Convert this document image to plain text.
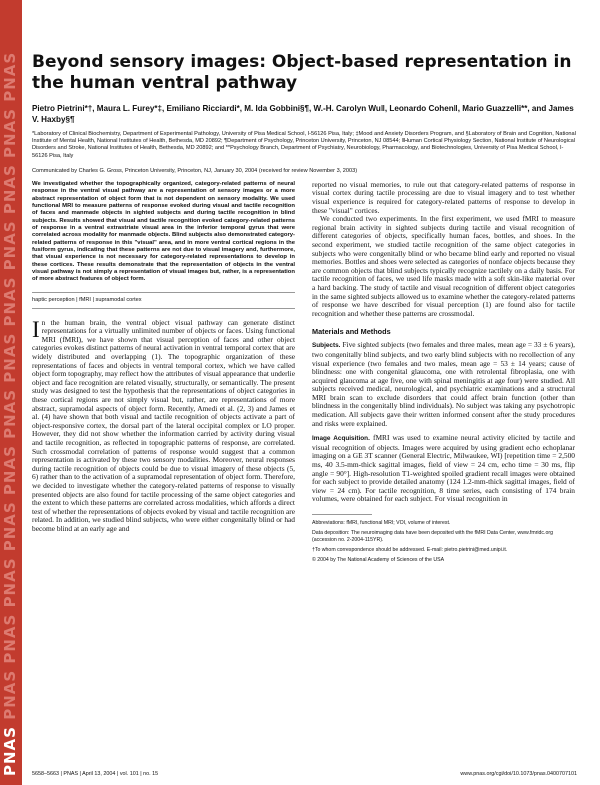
PNAS PNAS PNAS PNAS PNAS PNAS PNAS PNAS PNAS PNAS PNAS PNAS PNAS Beyond sensory images: Object-based representation in the human ventral pathway

Pietro Pietrini*†, Maura L. Furey*‡, Emiliano Ricciardi*, M. Ida Gobbini§¶, W.-H. Carolyn Wu‖, Leonardo Cohen‖, Mario Guazzelli**, and James V. Haxby§¶

*Laboratory of Clinical Biochemistry, Department of Experimental Pathology, University of Pisa Medical School, I-56126 Pisa, Italy; ‡Mood and Anxiety Disorders Program, and §Laboratory of Brain and Cognition, National Institute of Mental Health, National Institutes of Health, Bethesda, MD 20892; ¶Department of Psychology, Princeton University, Princeton, NJ 08544; ‖Human Cortical Physiology Section, National Institute of Neurological Disorders and Stroke, National Institutes of Health, Bethesda, MD 20892; and **Psychology Branch, Department of Psychiatry, Neurobiology, Pharmacology, and Biotechnologies, University of Pisa Medical School, I-56126 Pisa, Italy

Communicated by Charles G. Gross, Princeton University, Princeton, NJ, January 30, 2004 (received for review November 3, 2003)

We investigated whether the topographically organized, category-related patterns of neural response in the ventral visual pathway are a representation of sensory images or a more abstract representation of object form that is not dependent on sensory modality. We used functional MRI to measure patterns of response evoked during visual and tactile recognition of faces and manmade objects in sighted subjects and during tactile recognition in blind subjects. Results showed that visual and tactile recognition evoked category-related patterns of response in a ventral extrastriate visual area in the inferior temporal gyrus that were correlated across modality for manmade objects. Blind subjects also demonstrated category-related patterns of response in this "visual" area, and in more ventral cortical regions in the fusiform gyrus, indicating that these patterns are not due to visual imagery and, furthermore, that visual experience is not necessary for category-related representations to develop in these cortices. These results demonstrate that the representation of objects in the ventral visual pathway is not simply a representation of visual images but, rather, is a representation of more abstract features of object form.

haptic perception | fMRI | supramodal cortex

In the human brain, the ventral object visual pathway can generate distinct representations for a virtually unlimited number of objects or faces. Using functional MRI (fMRI), we have shown that visual perception of faces and other object categories evokes distinct patterns of neural activation in ventral temporal cortex that are widely distributed and overlapping (1). The topographic organization of these representations of faces and objects in ventral temporal cortex, which we have called object form topography, may reflect how the attributes of visual appearance that underlie object and face recognition are related visually, structurally, or semantically. The present study was designed to test the hypothesis that the representations of object categories in these cortical regions are not simply visual but, rather, are representations of more abstract, supramodal aspects of object form. Recently, Amedi et al. (2, 3) and James et al. (4) have shown that both visual and tactile recognition of objects activate a part of object-responsive cortex, the dorsal part of the lateral occipital complex or LO proper. However, they did not show whether the information carried by activity during visual and tactile recognition, as reflected in topographic patterns of response, are correlated. Such crossmodal correlation of patterns of response would suggest that a common representation is activated by these two sensory modalities. Moreover, neural responses during tactile recognition of objects could be due to visual imagery of these objects (5, 6) rather than to the activation of a supramodal representation of object form. Therefore, we decided to investigate whether the category-related patterns of response to visually presented objects are also found for tactile processing of the same object categories and the extent to which these patterns are correlated across modalities, which affords a direct test of whether the representations of objects evoked by visual and tactile recognition are related. In addition, we studied blind subjects, who were either congenitally blind or had become blind at an early age and

reported no visual memories, to rule out that category-related patterns of response in visual cortex during tactile processing are due to visual imagery and to test whether visual experience is required for category-related patterns of response to develop in these "visual" cortices.

We conducted two experiments. In the first experiment, we used fMRI to measure regional brain activity in sighted subjects during tactile and visual recognition of different categories of objects, specifically human faces, bottles, and shoes. In the second experiment, we studied tactile recognition of the same object categories in subjects who were congenitally blind or who became blind early and reported no visual memories. Bottles and shoes were selected as categories of nonface objects because they are common objects that blind subjects typically recognize tactilely on a daily basis. For tactile recognition of faces, we used life masks made with a soft skin-like material over a hard backing. The study of tactile and visual recognition of different object categories in the same sighted subjects allowed us to examine whether the category-related patterns of response we have described for visual perception (1) are found also for tactile recognition and whether these patterns are crossmodal.

Materials and Methods

Subjects. Five sighted subjects (two females and three males, mean age = 33 ± 6 years), two congenitally blind subjects, and two early blind subjects with no recollection of any visual experience (two females and two males, mean age = 53 ± 14 years; cause of blindness: one with congenital glaucoma, one with retrolental fibroplasia, one with acquired glaucoma at age five, one with spinal meningitis at age four) were studied. All subjects received medical, neurological, and psychiatric examinations and a structural MRI brain scan to exclude disorders that could affect brain function (other than blindness in the congenitally blind individuals). No subject was taking any psychotropic medication. All subjects gave their written informed consent after the study procedures and risks were explained.

Image Acquisition. fMRI was used to examine neural activity elicited by tactile and visual recognition of objects. Images were acquired by using gradient echo echoplanar imaging on a GE 3T scanner (General Electric, Milwaukee, WI) [repetition time = 2,500 ms, 40 3.5-mm-thick sagittal images, field of view = 24 cm, echo time = 30 ms, flip angle = 90°]. High-resolution T1-weighted spoiled gradient recall images were obtained for each subject to provide detailed anatomy (124 1.2-mm-thick sagittal images, field of view = 24 cm). For tactile recognition, 8 time series, each consisting of 174 brain volumes, were obtained for each subject. For visual recognition in

Abbreviations: fMRI, functional MRI; VOI, volume of interest.

Data deposition: The neuroimaging data have been deposited with the fMRI Data Center, www.fmridc.org (accession no. 2-2004-115YR).

†To whom correspondence should be addressed. E-mail: pietro.pietrini@med.unipi.it.

© 2004 by The National Academy of Sciences of the USA

5658–5663 | PNAS | April 13, 2004 | vol. 101 | no. 15	www.pnas.org/cgi/doi/10.1073/pnas.0400707101
